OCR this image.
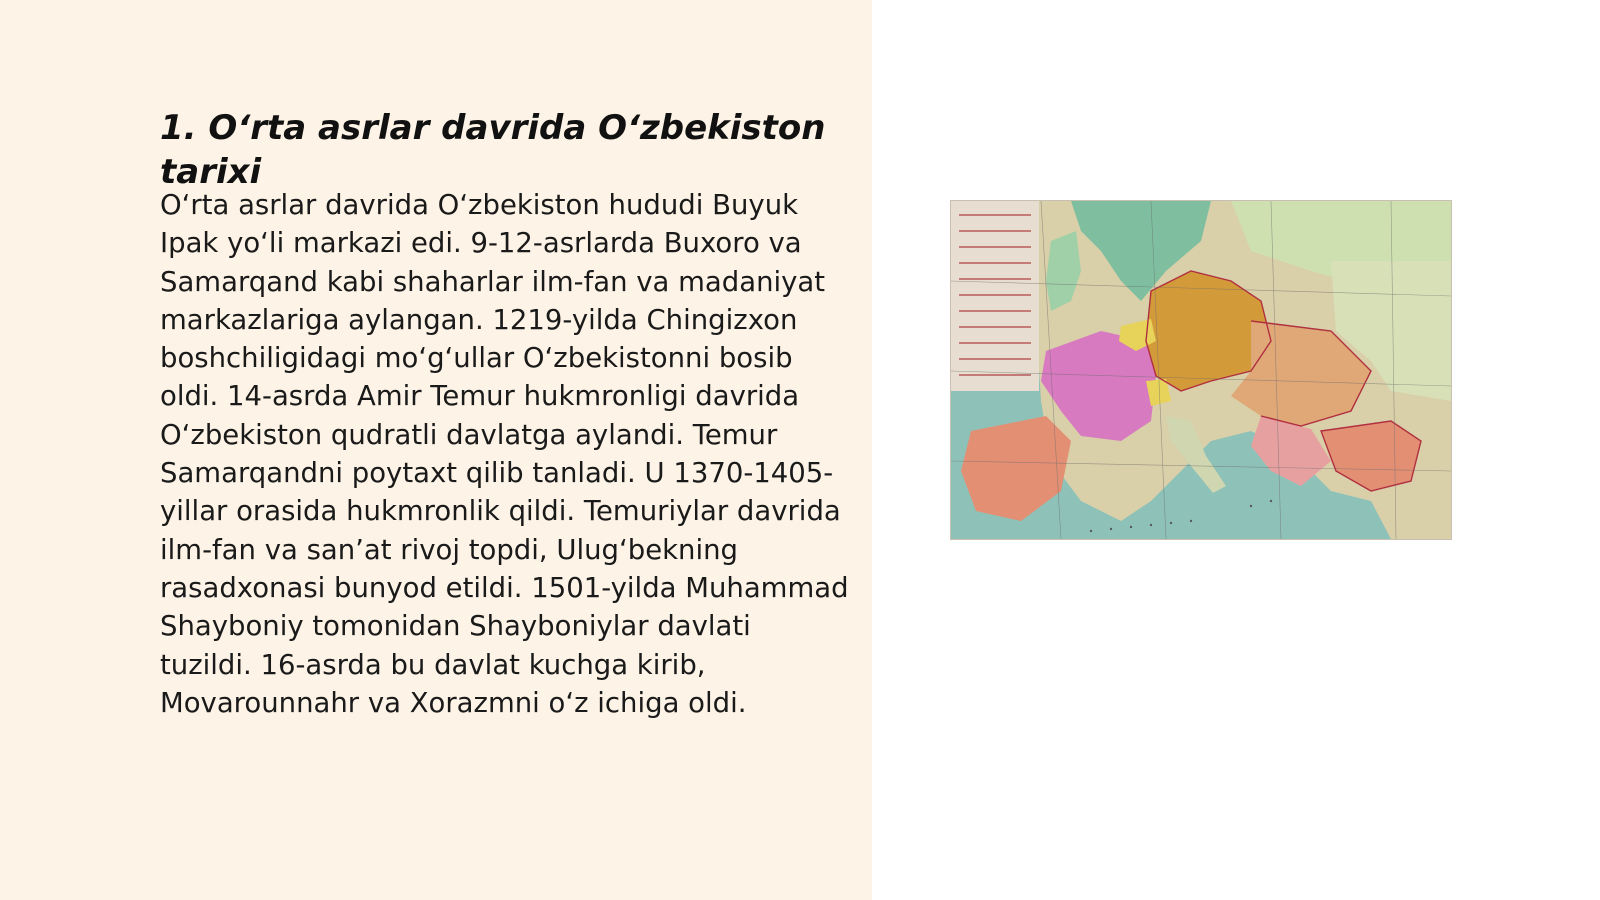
1. O‘rta asrlar davrida O‘zbekiston tarixi

O‘rta asrlar davrida O‘zbekiston hududi Buyuk Ipak yo‘li markazi edi. 9-12-asrlarda Buxoro va Samarqand kabi shaharlar ilm-fan va madaniyat markazlariga aylangan. 1219-yilda Chingizxon boshchiligidagi mo‘g‘ullar O‘zbekistonni bosib oldi. 14-asrda Amir Temur hukmronligi davrida O‘zbekiston qudratli davlatga aylandi. Temur Samarqandni poytaxt qilib tanladi. U 1370-1405-yillar orasida hukmronlik qildi. Temuriylar davrida ilm-fan va san’at rivoj topdi, Ulug‘bekning rasadxonasi bunyod etildi. 1501-yilda Muhammad Shayboniy tomonidan Shayboniylar davlati tuzildi. 16-asrda bu davlat kuchga kirib, Movarounnahr va Xorazmni o‘z ichiga oldi.
